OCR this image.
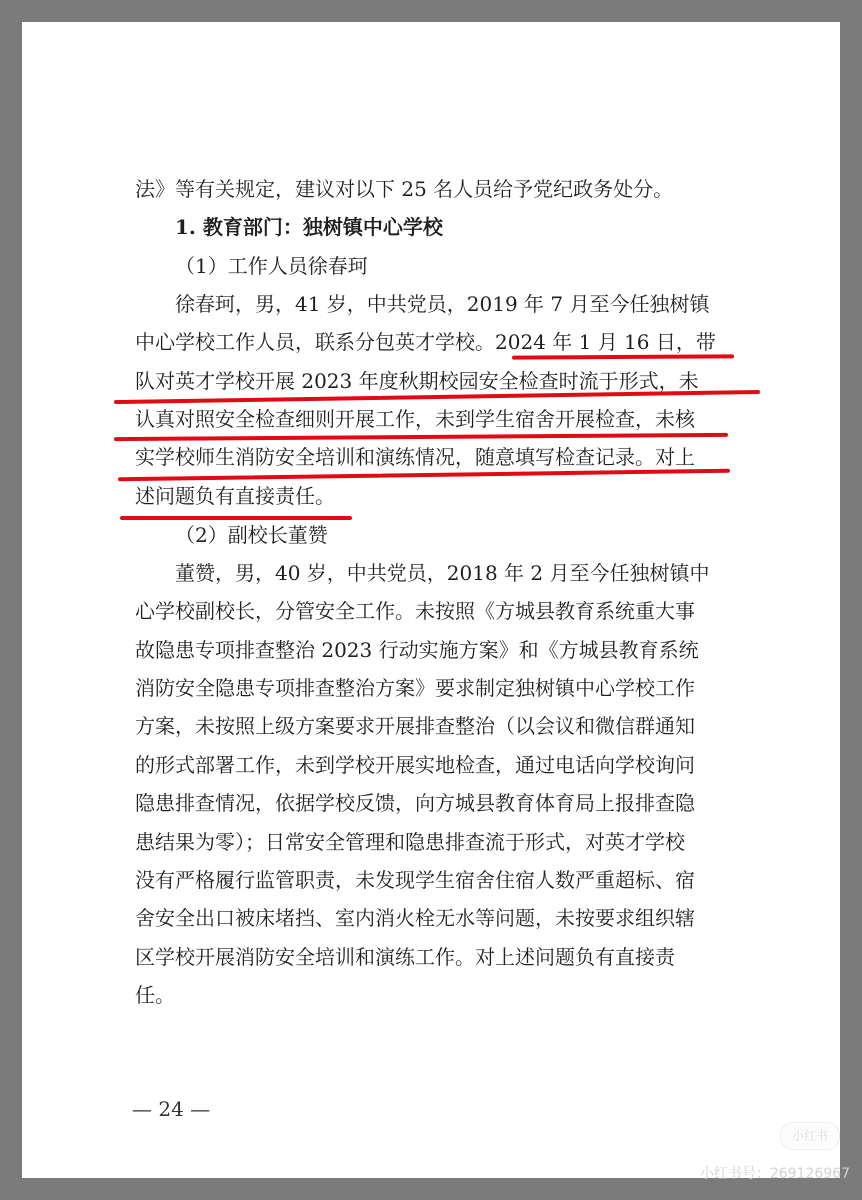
法》等有关规定，建议对以下 25 名人员给予党纪政务处分。

1. 教育部门：独树镇中心学校

（1）工作人员徐春珂

徐春珂，男，41 岁，中共党员，2019 年 7 月至今任独树镇

中心学校工作人员，联系分包英才学校。2024 年 1 月 16 日，带

队对英才学校开展 2023 年度秋期校园安全检查时流于形式，未

认真对照安全检查细则开展工作，未到学生宿舍开展检查，未核

实学校师生消防安全培训和演练情况，随意填写检查记录。对上

述问题负有直接责任。

（2）副校长董赞

董赞，男，40 岁，中共党员，2018 年 2 月至今任独树镇中

心学校副校长，分管安全工作。未按照《方城县教育系统重大事

故隐患专项排查整治 2023 行动实施方案》和《方城县教育系统

消防安全隐患专项排查整治方案》要求制定独树镇中心学校工作

方案，未按照上级方案要求开展排查整治（以会议和微信群通知

的形式部署工作，未到学校开展实地检查，通过电话向学校询问

隐患排查情况，依据学校反馈，向方城县教育体育局上报排查隐

患结果为零）；日常安全管理和隐患排查流于形式，对英才学校

没有严格履行监管职责，未发现学生宿舍住宿人数严重超标、宿

舍安全出口被床堵挡、室内消火栓无水等问题，未按要求组织辖

区学校开展消防安全培训和演练工作。对上述问题负有直接责

任。

— 24 —
小红书
小红书号：269126967
